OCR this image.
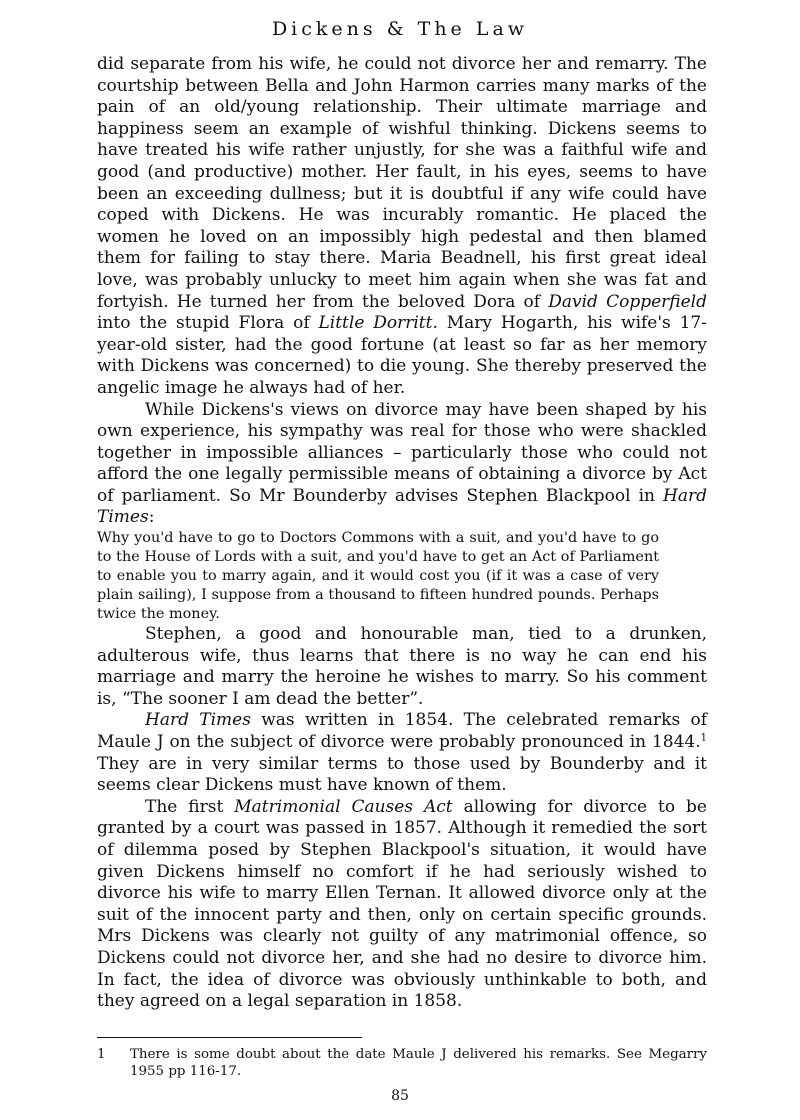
Dickens & The Law

did separate from his wife, he could not divorce her and remarry. The courtship between Bella and John Harmon carries many marks of the pain of an old/young relationship. Their ultimate marriage and happiness seem an example of wishful thinking. Dickens seems to have treated his wife rather unjustly, for she was a faithful wife and good (and productive) mother. Her fault, in his eyes, seems to have been an exceeding dullness; but it is doubtful if any wife could have coped with Dickens. He was incurably romantic. He placed the women he loved on an impossibly high pedestal and then blamed them for failing to stay there. Maria Beadnell, his first great ideal love, was probably unlucky to meet him again when she was fat and fortyish. He turned her from the beloved Dora of David Copperfield into the stupid Flora of Little Dorritt. Mary Hogarth, his wife's 17-year-old sister, had the good fortune (at least so far as her memory with Dickens was concerned) to die young. She thereby preserved the angelic image he always had of her.

While Dickens's views on divorce may have been shaped by his own experience, his sympathy was real for those who were shackled together in impossible alliances – particularly those who could not afford the one legally permissible means of obtaining a divorce by Act of parliament. So Mr Bounderby advises Stephen Blackpool in Hard Times:

Why you'd have to go to Doctors Commons with a suit, and you'd have to go to the House of Lords with a suit, and you'd have to get an Act of Parliament to enable you to marry again, and it would cost you (if it was a case of very plain sailing), I suppose from a thousand to fifteen hundred pounds. Perhaps twice the money.

Stephen, a good and honourable man, tied to a drunken, adulterous wife, thus learns that there is no way he can end his marriage and marry the heroine he wishes to marry. So his comment is, “The sooner I am dead the better”.

Hard Times was written in 1854. The celebrated remarks of Maule J on the subject of divorce were probably pronounced in 1844.$^1$ They are in very similar terms to those used by Bounderby and it seems clear Dickens must have known of them.

The first Matrimonial Causes Act allowing for divorce to be granted by a court was passed in 1857. Although it remedied the sort of dilemma posed by Stephen Blackpool's situation, it would have given Dickens himself no comfort if he had seriously wished to divorce his wife to marry Ellen Ternan. It allowed divorce only at the suit of the innocent party and then, only on certain specific grounds. Mrs Dickens was clearly not guilty of any matrimonial offence, so Dickens could not divorce her, and she had no desire to divorce him. In fact, the idea of divorce was obviously unthinkable to both, and they agreed on a legal separation in 1858.

1	There is some doubt about the date Maule J delivered his remarks. See Megarry 1955 pp 116-17.
85
